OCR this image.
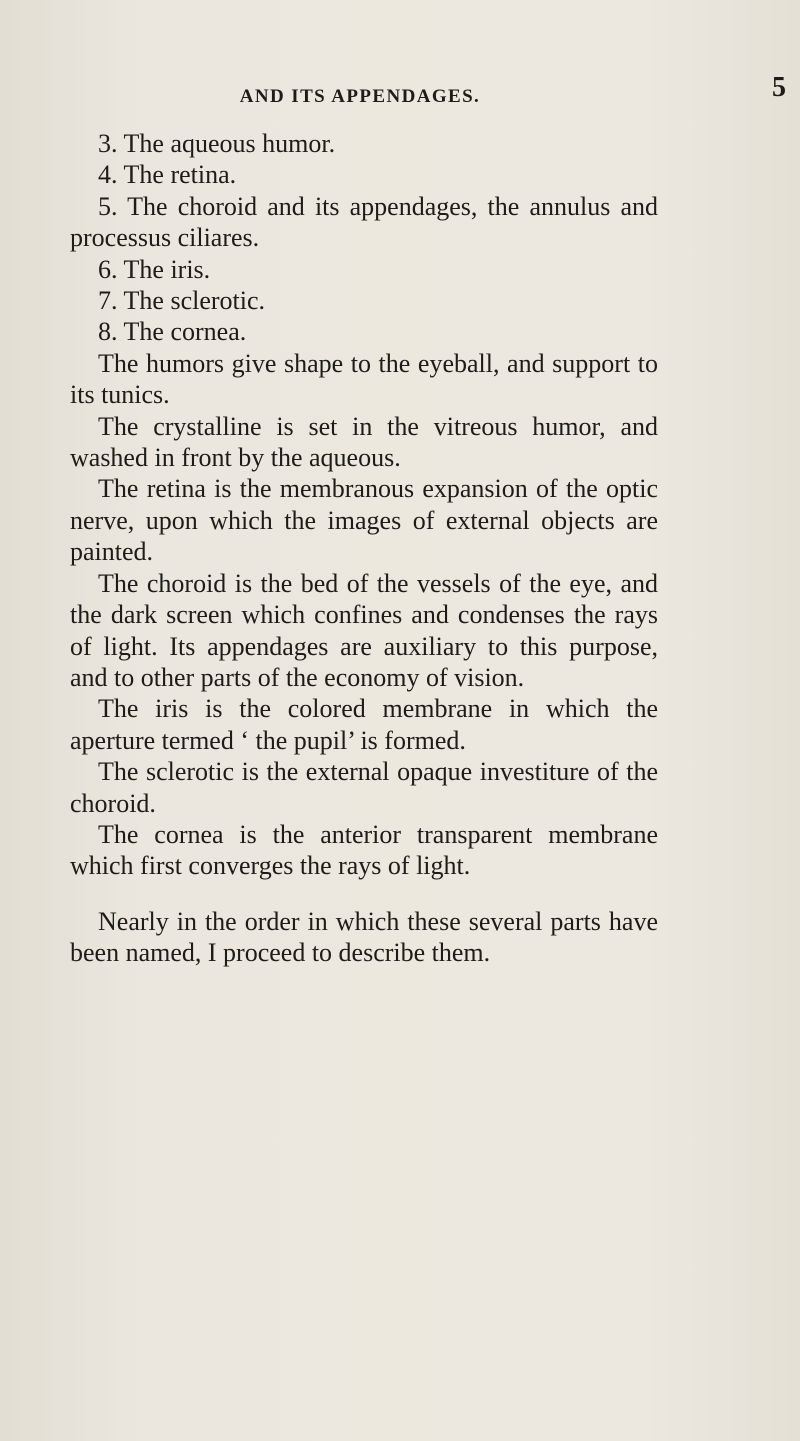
AND ITS APPENDAGES.	5

3. The aqueous humor.

4. The retina.

5. The choroid and its appendages, the annulus and processus ciliares.

6. The iris.

7. The sclerotic.

8. The cornea.

The humors give shape to the eyeball, and support to its tunics.

The crystalline is set in the vitreous humor, and washed in front by the aqueous.

The retina is the membranous expansion of the optic nerve, upon which the images of external objects are painted.

The choroid is the bed of the vessels of the eye, and the dark screen which confines and condenses the rays of light. Its appendages are auxiliary to this purpose, and to other parts of the economy of vision.

The iris is the colored membrane in which the aperture termed ‘ the pupil’ is formed.

The sclerotic is the external opaque investiture of the choroid.

The cornea is the anterior transparent membrane which first converges the rays of light.

Nearly in the order in which these several parts have been named, I proceed to describe them.
